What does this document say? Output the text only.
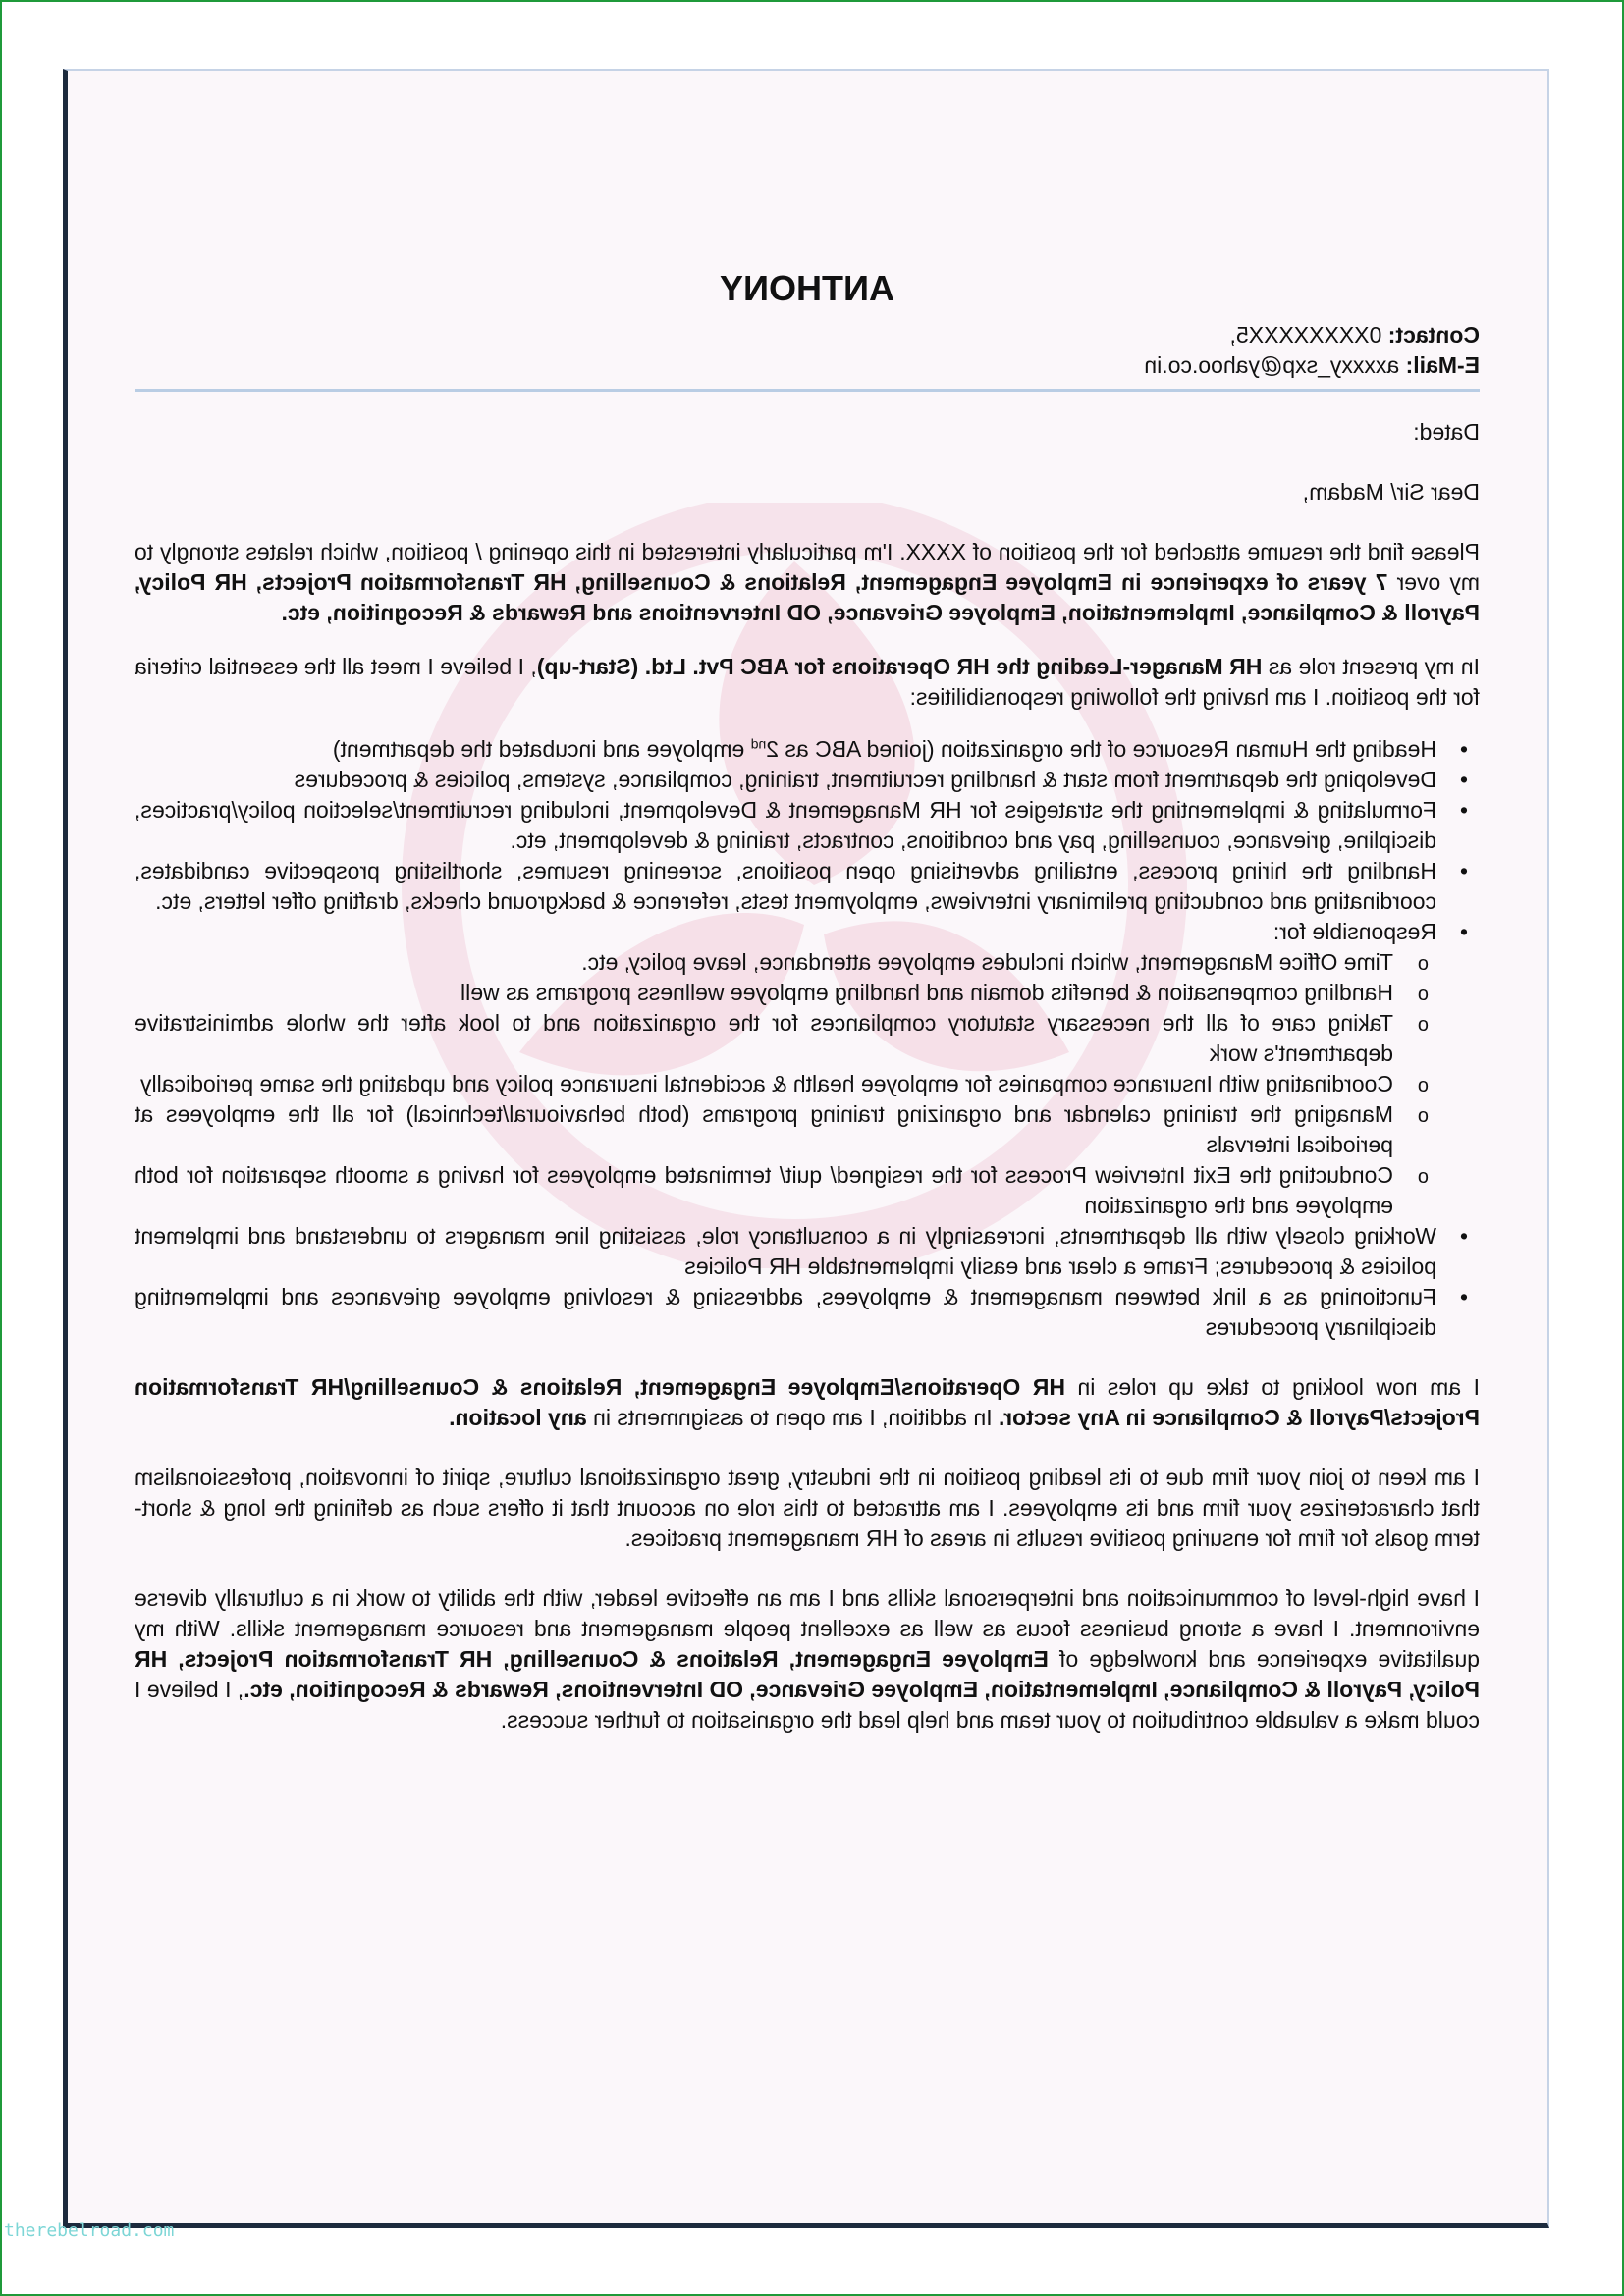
ANTHONY
Contact: 0XXXXXXXX5,
E-Mail: axxxxy_sxp@yahoo.co.in

Dated:

Dear Sir/ Madam,

Please find the resume attached for the position of XXXX. I'm particularly interested in this opening / position, which relates strongly to my over 7 years of experience in Employee Engagement, Relations & Counselling, HR Transformation Projects, HR Policy, Payroll & Compliance, Implementation, Employee Grievance, OD Interventions and Rewards & Recognition, etc.

In my present role as HR Manager-Leading the HR Operations for ABC Pvt. Ltd. (Start-up), I believe I meet all the essential criteria for the position. I am having the following responsibilities:

• Heading the Human Resource of the organization (joined ABC as 2nd employee and incubated the department)
• Developing the department from start & handling recruitment, training, compliance, systems, policies & procedures
• Formulating & implementing the strategies for HR Management & Development, including recruitment/selection policy/practices, discipline, grievance, counselling, pay and conditions, contracts, training & development, etc.
• Handling the hiring process, entailing advertising open positions, screening resumes, shortlisting prospective candidates, coordinating and conducting preliminary interviews, employment tests, reference & background checks, drafting offer letters, etc.
• Responsible for:
o Time Office Management, which includes employee attendance, leave policy, etc.
o Handling compensation & benefits domain and handling employee wellness programs as well
o Taking care of all the necessary statutory compliances for the organization and to look after the whole administrative department's work
o Coordinating with Insurance companies for employee health & accidental insurance policy and updating the same periodically
o Managing the training calendar and organizing training programs (both behavioural/technical) for all the employees at periodical intervals
o Conducting the Exit Interview Process for the resigned/ quit/ terminated employees for having a smooth separation for both employee and the organization
• Working closely with all departments, increasingly in a consultancy role, assisting line managers to understand and implement policies & procedures; Frame a clear and easily implementable HR Policies
• Functioning as a link between management & employees, addressing & resolving employee grievances and implementing disciplinary procedures

I am now looking to take up roles in HR Operations/Employee Engagement, Relations & Counselling/HR Transformation Projects/Payroll & Compliance in Any sector. In addition, I am open to assignments in any location.

I am keen to join your firm due to its leading position in the industry, great organizational culture, spirit of innovation, professionalism that characterizes your firm and its employees. I am attracted to this role on account that it offers such as defining the long & short-term goals for firm for ensuring positive results in areas of HR management practices.

I have high-level of communication and interpersonal skills and I am an effective leader, with the ability to work in a culturally diverse environment. I have a strong business focus as well as excellent people management and resource management skills. With my qualitative experience and knowledge of Employee Engagement, Relations & Counselling, HR Transformation Projects, HR Policy, Payroll & Compliance, Implementation, Employee Grievance, OD Interventions, Rewards & Recognition, etc., I believe I could make a valuable contribution to your team and help lead the organisation to further success.

therebelroad.com
